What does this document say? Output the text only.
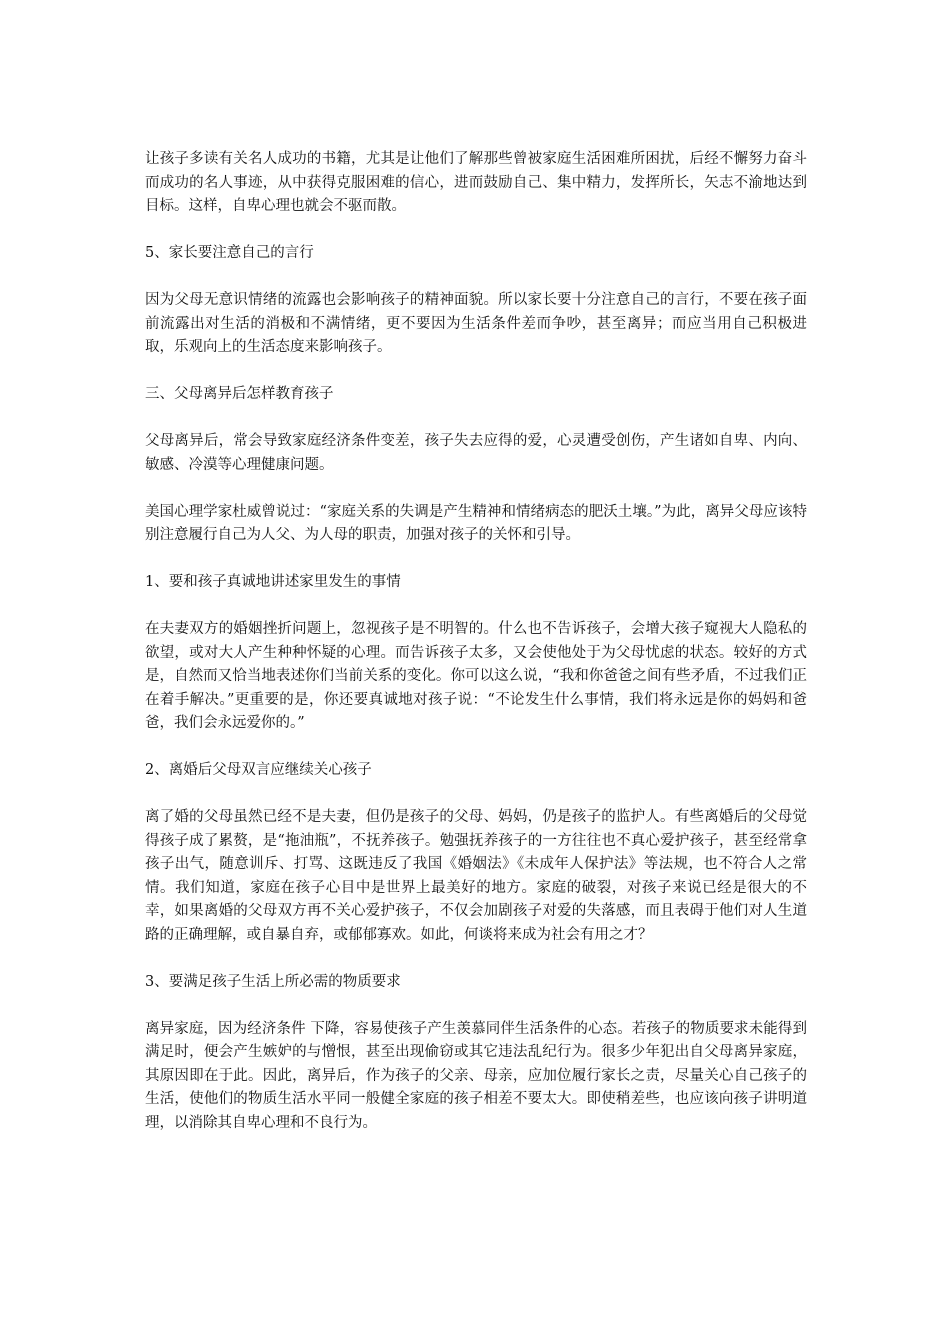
让孩子多读有关名人成功的书籍，尤其是让他们了解那些曾被家庭生活困难所困扰，后经不懈努力奋斗而成功的名人事迹，从中获得克服困难的信心，进而鼓励自己、集中精力，发挥所长，矢志不渝地达到目标。这样，自卑心理也就会不驱而散。

5、家长要注意自己的言行

因为父母无意识情绪的流露也会影响孩子的精神面貌。所以家长要十分注意自己的言行，不要在孩子面前流露出对生活的消极和不满情绪，更不要因为生活条件差而争吵，甚至离异；而应当用自己积极进取，乐观向上的生活态度来影响孩子。

三、父母离异后怎样教育孩子

父母离异后，常会导致家庭经济条件变差，孩子失去应得的爱，心灵遭受创伤，产生诸如自卑、内向、敏感、冷漠等心理健康问题。

美国心理学家杜威曾说过：“家庭关系的失调是产生精神和情绪病态的肥沃土壤。”为此，离异父母应该特别注意履行自己为人父、为人母的职责，加强对孩子的关怀和引导。

1、要和孩子真诚地讲述家里发生的事情

在夫妻双方的婚姻挫折问题上，忽视孩子是不明智的。什么也不告诉孩子，会增大孩子窥视大人隐私的欲望，或对大人产生种种怀疑的心理。而告诉孩子太多，又会使他处于为父母忧虑的状态。较好的方式是，自然而又恰当地表述你们当前关系的变化。你可以这么说，“我和你爸爸之间有些矛盾，不过我们正在着手解决。”更重要的是，你还要真诚地对孩子说：“不论发生什么事情，我们将永远是你的妈妈和爸爸，我们会永远爱你的。”

2、离婚后父母双言应继续关心孩子

离了婚的父母虽然已经不是夫妻，但仍是孩子的父母、妈妈，仍是孩子的监护人。有些离婚后的父母觉得孩子成了累赘，是“拖油瓶”，不抚养孩子。勉强抚养孩子的一方往往也不真心爱护孩子，甚至经常拿孩子出气，随意训斥、打骂、这既违反了我国《婚姻法》《未成年人保护法》等法规，也不符合人之常情。我们知道，家庭在孩子心目中是世界上最美好的地方。家庭的破裂，对孩子来说已经是很大的不幸，如果离婚的父母双方再不关心爱护孩子，不仅会加剧孩子对爱的失落感，而且表碍于他们对人生道路的正确理解，或自暴自弃，或郁郁寡欢。如此，何谈将来成为社会有用之才？

3、要满足孩子生活上所必需的物质要求

离异家庭，因为经济条件 下降，容易使孩子产生羡慕同伴生活条件的心态。若孩子的物质要求未能得到满足时，便会产生嫉妒的与憎恨，甚至出现偷窃或其它违法乱纪行为。很多少年犯出自父母离异家庭，其原因即在于此。因此，离异后，作为孩子的父亲、母亲，应加位履行家长之责，尽量关心自己孩子的生活，使他们的物质生活水平同一般健全家庭的孩子相差不要太大。即使稍差些，也应该向孩子讲明道理，以消除其自卑心理和不良行为。
